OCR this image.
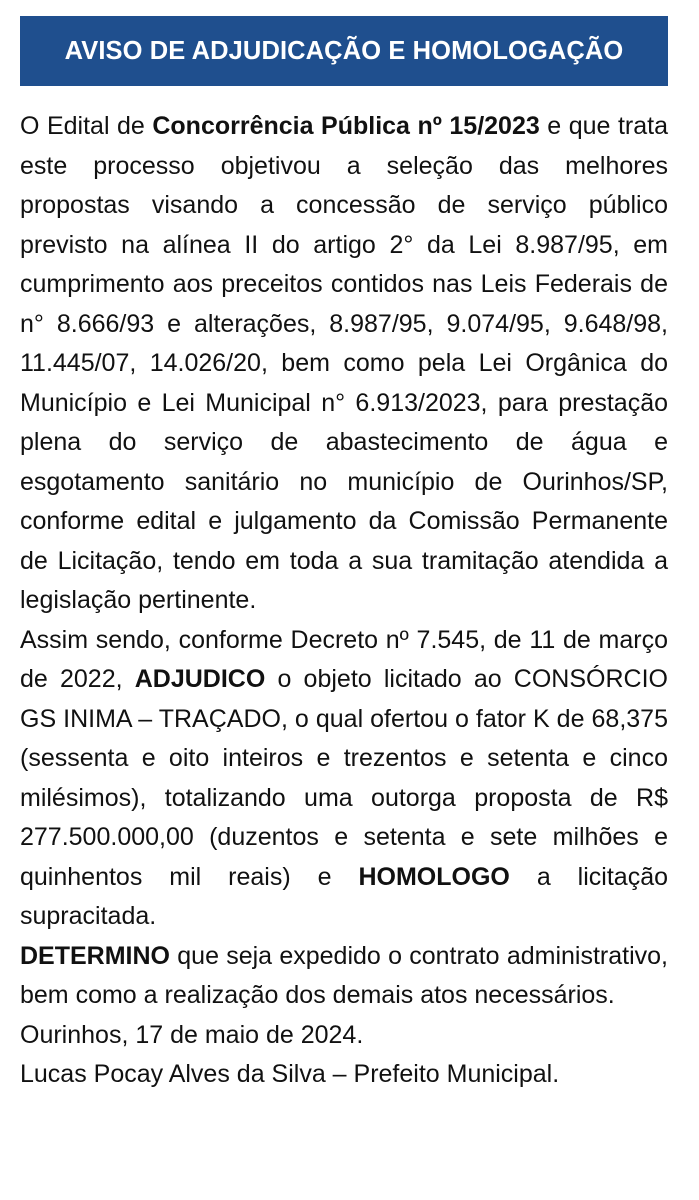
AVISO DE ADJUDICAÇÃO E HOMOLOGAÇÃO

O Edital de Concorrência Pública nº 15/2023 e que trata este processo objetivou a seleção das melhores propostas visando a concessão de serviço público previsto na alínea II do artigo 2° da Lei 8.987/95, em cumprimento aos preceitos contidos nas Leis Federais de n° 8.666/93 e alterações, 8.987/95, 9.074/95, 9.648/98, 11.445/07, 14.026/20, bem como pela Lei Orgânica do Município e Lei Municipal n° 6.913/2023, para prestação plena do serviço de abastecimento de água e esgotamento sanitário no município de Ourinhos/SP, conforme edital e julgamento da Comissão Permanente de Licitação, tendo em toda a sua tramitação atendida a legislação pertinente.

Assim sendo, conforme Decreto nº 7.545, de 11 de março de 2022, ADJUDICO o objeto licitado ao CONSÓRCIO GS INIMA – TRAÇADO, o qual ofertou o fator K de 68,375 (sessenta e oito inteiros e trezentos e setenta e cinco milésimos), totalizando uma outorga proposta de R$ 277.500.000,00 (duzentos e setenta e sete milhões e quinhentos mil reais) e HOMOLOGO a licitação supracitada.

DETERMINO que seja expedido o contrato administrativo, bem como a realização dos demais atos necessários.

Ourinhos, 17 de maio de 2024.

Lucas Pocay Alves da Silva – Prefeito Municipal.
